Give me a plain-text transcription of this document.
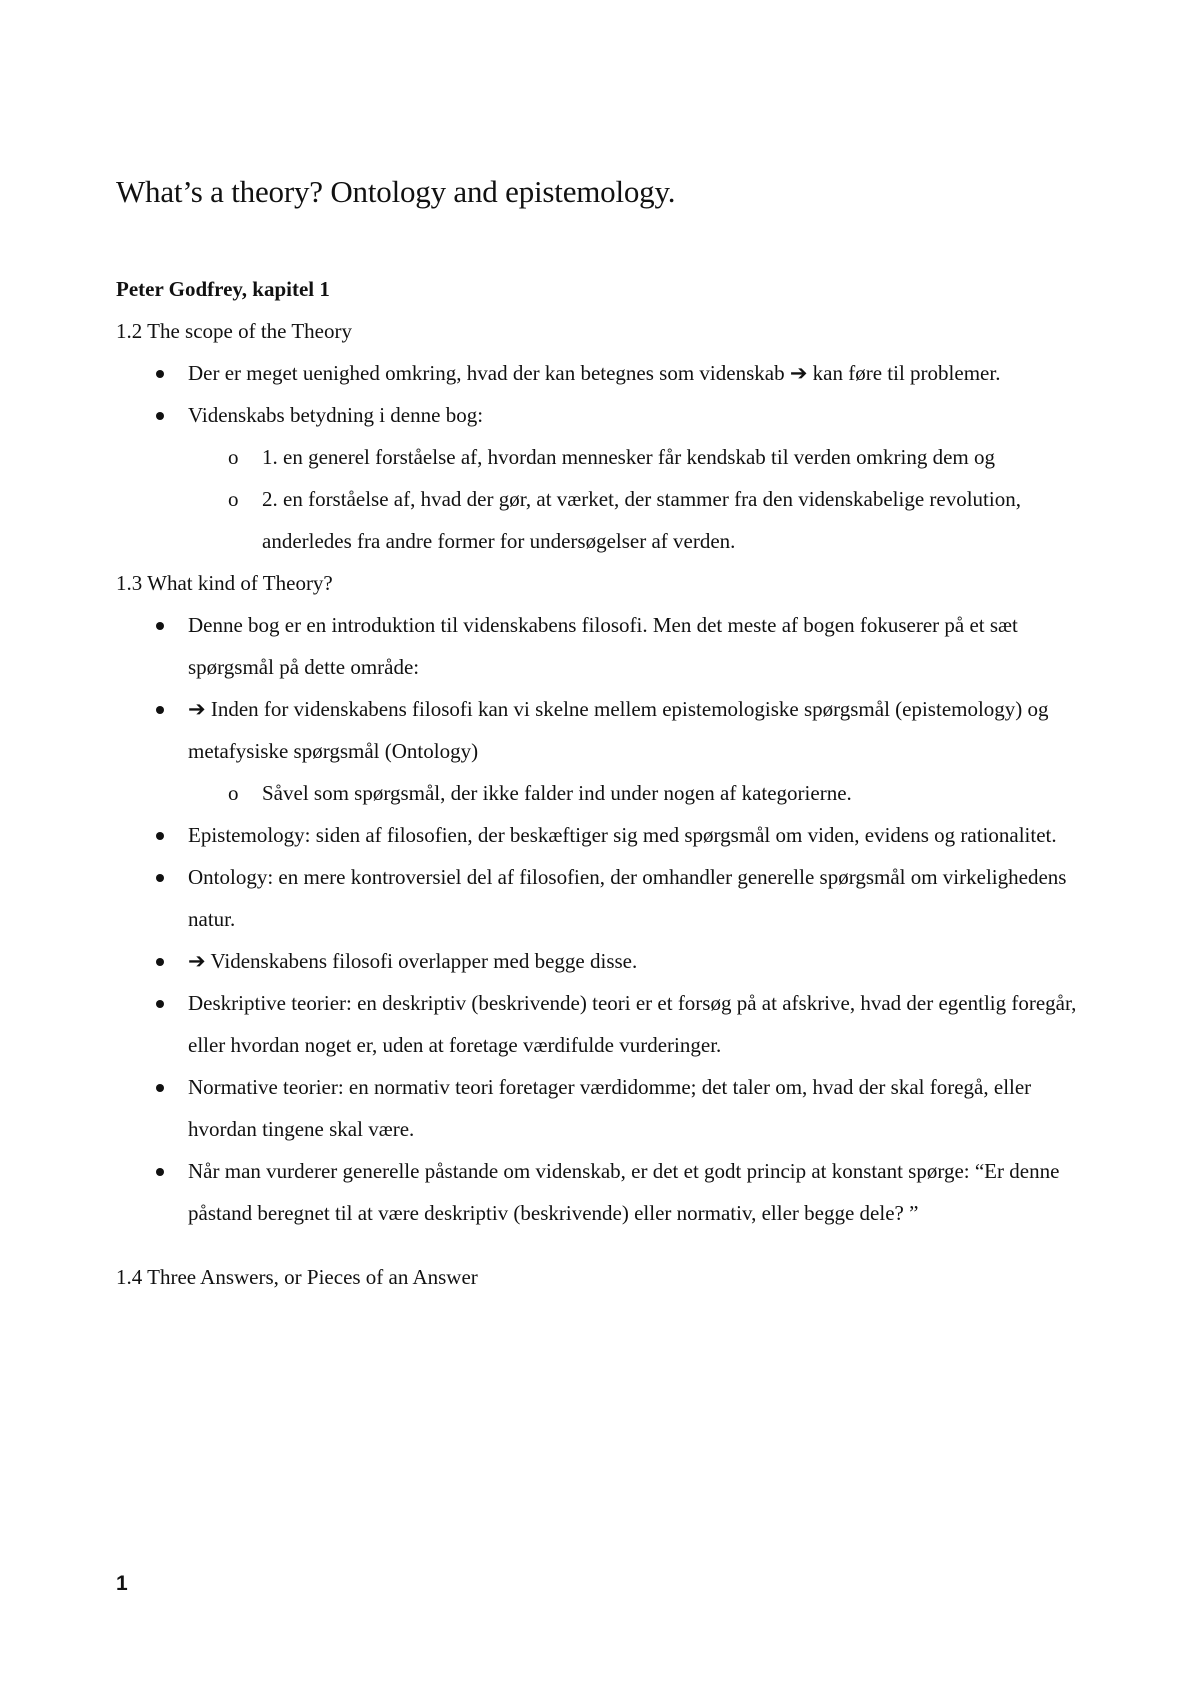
What’s a theory? Ontology and epistemology.

Peter Godfrey, kapitel 1

1.2 The scope of the Theory

Der er meget uenighed omkring, hvad der kan betegnes som videnskab ➔ kan føre til problemer.
Videnskabs betydning i denne bog:
o 1. en generel forståelse af, hvordan mennesker får kendskab til verden omkring dem og
o 2. en forståelse af, hvad der gør, at værket, der stammer fra den videnskabelige revolution, anderledes fra andre former for undersøgelser af verden.

1.3 What kind of Theory?

Denne bog er en introduktion til videnskabens filosofi. Men det meste af bogen fokuserer på et sæt spørgsmål på dette område:
➔ Inden for videnskabens filosofi kan vi skelne mellem epistemologiske spørgsmål (epistemology) og metafysiske spørgsmål (Ontology)
o Såvel som spørgsmål, der ikke falder ind under nogen af kategorierne.
Epistemology: siden af filosofien, der beskæftiger sig med spørgsmål om viden, evidens og rationalitet.
Ontology: en mere kontroversiel del af filosofien, der omhandler generelle spørgsmål om virkelighedens natur.
➔ Videnskabens filosofi overlapper med begge disse.
Deskriptive teorier: en deskriptiv (beskrivende) teori er et forsøg på at afskrive, hvad der egentlig foregår, eller hvordan noget er, uden at foretage værdifulde vurderinger.
Normative teorier: en normativ teori foretager værdidomme; det taler om, hvad der skal foregå, eller hvordan tingene skal være.
Når man vurderer generelle påstande om videnskab, er det et godt princip at konstant spørge: “Er denne påstand beregnet til at være deskriptiv (beskrivende) eller normativ, eller begge dele? ”

1.4 Three Answers, or Pieces of an Answer

1
